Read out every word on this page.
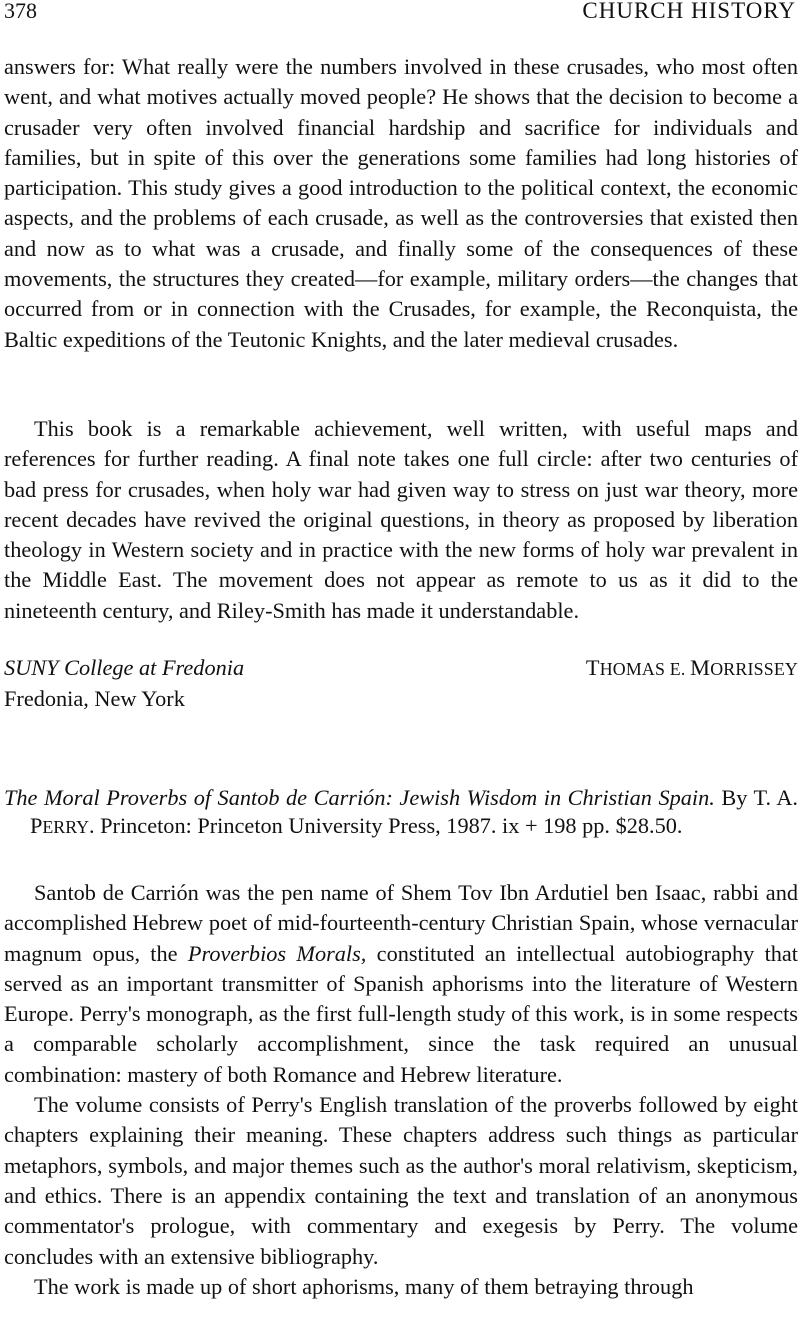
378	CHURCH HISTORY

answers for: What really were the numbers involved in these crusades, who most often went, and what motives actually moved people? He shows that the decision to become a crusader very often involved financial hardship and sacrifice for individuals and families, but in spite of this over the generations some families had long histories of participation. This study gives a good introduction to the political context, the economic aspects, and the problems of each crusade, as well as the controversies that existed then and now as to what was a crusade, and finally some of the consequences of these movements, the structures they created—for example, military orders—the changes that occurred from or in connection with the Crusades, for example, the Reconquista, the Baltic expeditions of the Teutonic Knights, and the later medieval crusades.

This book is a remarkable achievement, well written, with useful maps and references for further reading. A final note takes one full circle: after two centuries of bad press for crusades, when holy war had given way to stress on just war theory, more recent decades have revived the original questions, in theory as proposed by liberation theology in Western society and in practice with the new forms of holy war prevalent in the Middle East. The movement does not appear as remote to us as it did to the nineteenth century, and Riley-Smith has made it understandable.

SUNY College at Fredonia	THOMAS E. MORRISSEY
Fredonia, New York
The Moral Proverbs of Santob de Carrión: Jewish Wisdom in Christian Spain. By T. A. PERRY. Princeton: Princeton University Press, 1987. ix + 198 pp. $28.50.

Santob de Carrión was the pen name of Shem Tov Ibn Ardutiel ben Isaac, rabbi and accomplished Hebrew poet of mid-fourteenth-century Christian Spain, whose vernacular magnum opus, the Proverbios Morals, constituted an intellectual autobiography that served as an important transmitter of Spanish aphorisms into the literature of Western Europe. Perry's monograph, as the first full-length study of this work, is in some respects a comparable scholarly accomplishment, since the task required an unusual combination: mastery of both Romance and Hebrew literature.

The volume consists of Perry's English translation of the proverbs followed by eight chapters explaining their meaning. These chapters address such things as particular metaphors, symbols, and major themes such as the author's moral relativism, skepticism, and ethics. There is an appendix containing the text and translation of an anonymous commentator's prologue, with commentary and exegesis by Perry. The volume concludes with an extensive bibliography.

The work is made up of short aphorisms, many of them betraying through
